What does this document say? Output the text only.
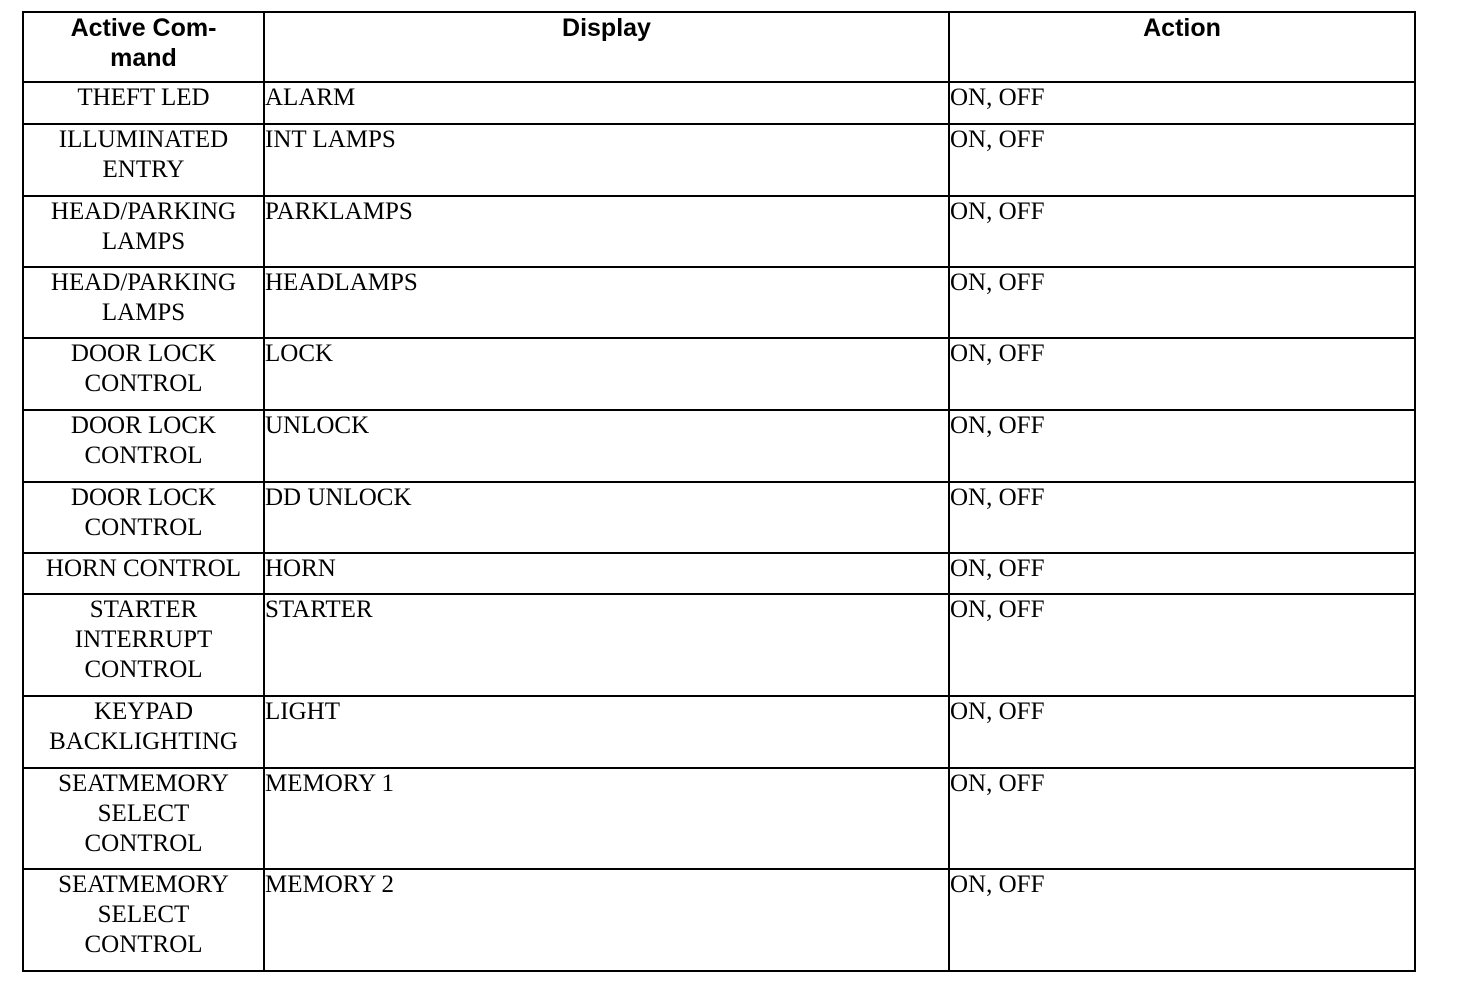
Active Com-
mand	Display	Action
THEFT LED	ALARM	ON, OFF
ILLUMINATED
ENTRY	INT LAMPS	ON, OFF
HEAD/PARKING
LAMPS	PARKLAMPS	ON, OFF
HEAD/PARKING
LAMPS	HEADLAMPS	ON, OFF
DOOR LOCK
CONTROL	LOCK	ON, OFF
DOOR LOCK
CONTROL	UNLOCK	ON, OFF
DOOR LOCK
CONTROL	DD UNLOCK	ON, OFF
HORN CONTROL	HORN	ON, OFF
STARTER
INTERRUPT
CONTROL	STARTER	ON, OFF
KEYPAD
BACKLIGHTING	LIGHT	ON, OFF
SEATMEMORY
SELECT
CONTROL	MEMORY 1	ON, OFF
SEATMEMORY
SELECT
CONTROL	MEMORY 2	ON, OFF
